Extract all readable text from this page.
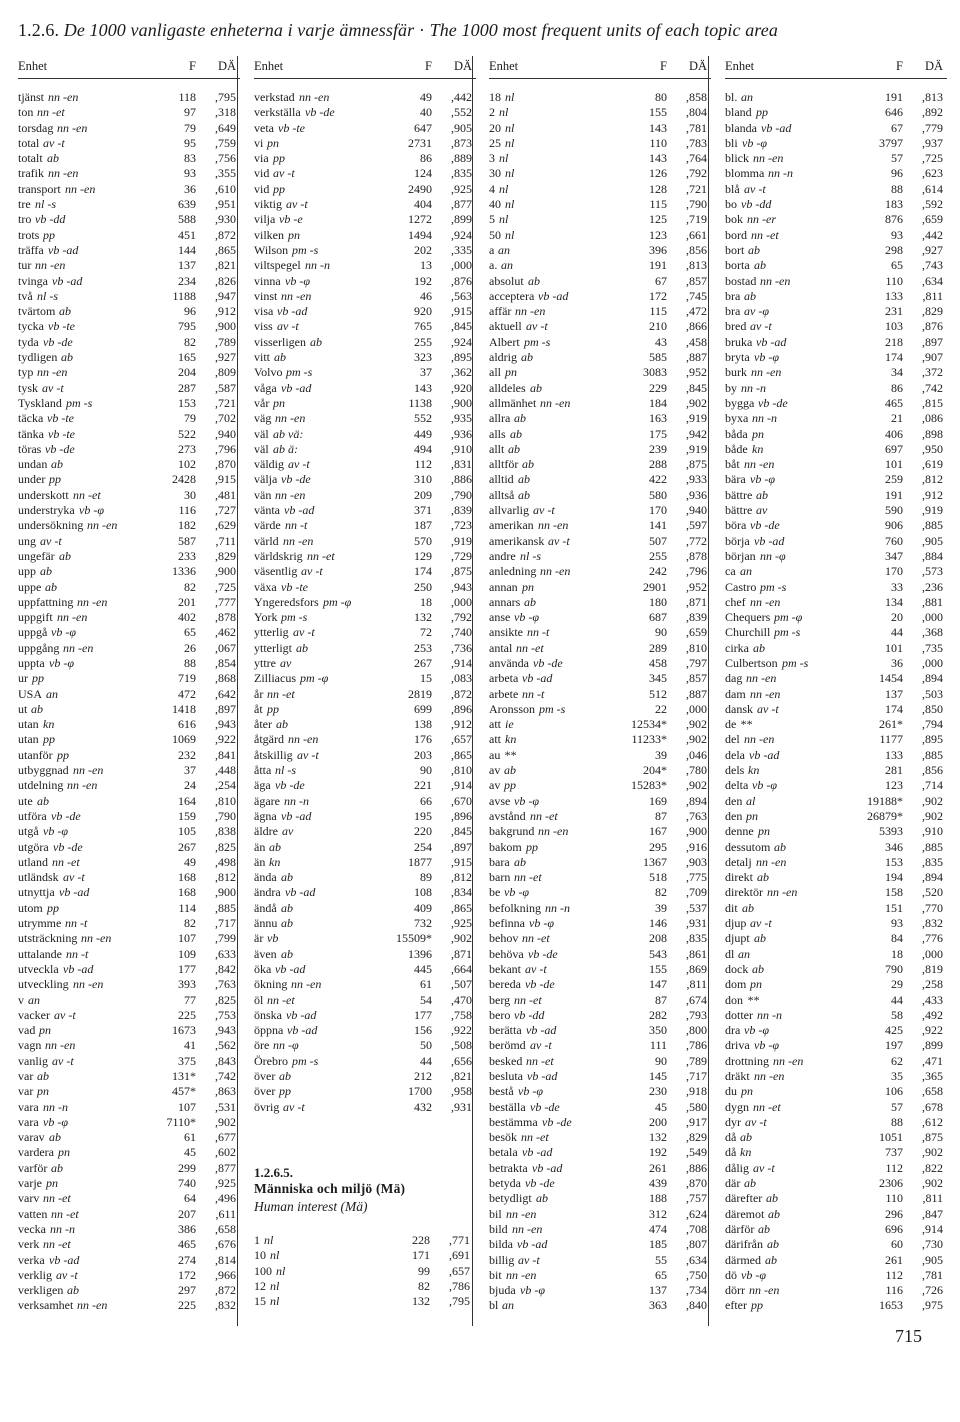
1.2.6. De 1000 vanligaste enheterna i varje ämnessfär · The 1000 most frequent units of each topic area
Enhet	F DÄ
tjänst nn -en	118 ,795
ton nn -et	97 ,318
torsdag nn -en	79 ,649
total av -t	95 ,759
totalt ab	83 ,756
trafik nn -en	93 ,355
transport nn -en	36 ,610
tre nl -s	639 ,951
tro vb -dd	588 ,930
trots pp	451 ,872
träffa vb -ad	144 ,865
tur nn -en	137 ,821
tvinga vb -ad	234 ,826
två nl -s	1188 ,947
tvärtom ab	96 ,912
tycka vb -te	795 ,900
tyda vb -de	82 ,789
tydligen ab	165 ,927
typ nn -en	204 ,809
tysk av -t	287 ,587
Tyskland pm -s	153 ,721
täcka vb -te	79 ,702
tänka vb -te	522 ,940
töras vb -de	273 ,796
undan ab	102 ,870
under pp	2428 ,915
underskott nn -et	30 ,481
understryka vb -φ	116 ,727
undersökning nn -en	182 ,629
ung av -t	587 ,711
ungefär ab	233 ,829
upp ab	1336 ,900
uppe ab	82 ,725
uppfattning nn -en	201 ,777
uppgift nn -en	402 ,878
uppgå vb -φ	65 ,462
uppgång nn -en	26 ,067
uppta vb -φ	88 ,854
ur pp	719 ,868
USA an	472 ,642
ut ab	1418 ,897
utan kn	616 ,943
utan pp	1069 ,922
utanför pp	232 ,841
utbyggnad nn -en	37 ,448
utdelning nn -en	24 ,254
ute ab	164 ,810
utföra vb -de	159 ,790
utgå vb -φ	105 ,838
utgöra vb -de	267 ,825
utland nn -et	49 ,498
utländsk av -t	168 ,812
utnyttja vb -ad	168 ,900
utom pp	114 ,885
utrymme nn -t	82 ,717
utsträckning nn -en	107 ,799
uttalande nn -t	109 ,633
utveckla vb -ad	177 ,842
utveckling nn -en	393 ,763
v an	77 ,825
vacker av -t	225 ,753
vad pn	1673 ,943
vagn nn -en	41 ,562
vanlig av -t	375 ,843
var ab	131* ,742
var pn	457* ,863
vara nn -n	107 ,531
vara vb -φ	7110* ,902
varav ab	61 ,677
vardera pn	45 ,602
varför ab	299 ,877
varje pn	740 ,925
varv nn -et	64 ,496
vatten nn -et	207 ,611
vecka nn -n	386 ,658
verk nn -et	465 ,676
verka vb -ad	274 ,814
verklig av -t	172 ,966
verkligen ab	297 ,872
verksamhet nn -en	225 ,832
Enhet	F DÄ
verkstad nn -en	49 ,442
verkställa vb -de	40 ,552
veta vb -te	647 ,905
vi pn	2731 ,873
via pp	86 ,889
vid av -t	124 ,835
vid pp	2490 ,925
viktig av -t	404 ,877
vilja vb -e	1272 ,899
vilken pn	1494 ,924
Wilson pm -s	202 ,335
viltspegel nn -n	13 ,000
vinna vb -φ	192 ,876
vinst nn -en	46 ,563
visa vb -ad	920 ,915
viss av -t	765 ,845
visserligen ab	255 ,924
vitt ab	323 ,895
Volvo pm -s	37 ,362
våga vb -ad	143 ,920
vår pn	1138 ,900
väg nn -en	552 ,935
väl ab vä:	449 ,936
väl ab ä:	494 ,910
väldig av -t	112 ,831
välja vb -de	310 ,886
vän nn -en	209 ,790
vänta vb -ad	371 ,839
värde nn -t	187 ,723
värld nn -en	570 ,919
världskrig nn -et	129 ,729
väsentlig av -t	174 ,875
växa vb -te	250 ,943
Yngeredsfors pm -φ	18 ,000
York pm -s	132 ,792
ytterlig av -t	72 ,740
ytterligt ab	253 ,736
yttre av	267 ,914
Zilliacus pm -φ	15 ,083
år nn -et	2819 ,872
åt pp	699 ,896
åter ab	138 ,912
åtgärd nn -en	176 ,657
åtskillig av -t	203 ,865
åtta nl -s	90 ,810
äga vb -de	221 ,914
ägare nn -n	66 ,670
ägna vb -ad	195 ,896
äldre av	220 ,845
än ab	254 ,897
än kn	1877 ,915
ända ab	89 ,812
ändra vb -ad	108 ,834
ändå ab	409 ,865
ännu ab	732 ,925
är vb	15509* ,902
även ab	1396 ,871
öka vb -ad	445 ,664
ökning nn -en	61 ,507
öl nn -et	54 ,470
önska vb -ad	177 ,758
öppna vb -ad	156 ,922
öre nn -φ	50 ,508
Örebro pm -s	44 ,656
över ab	212 ,821
över pp	1700 ,958
övrig av -t	432 ,931
Enhet	F DÄ
18 nl	80 ,858
2 nl	155 ,804
20 nl	143 ,781
25 nl	110 ,783
3 nl	143 ,764
30 nl	126 ,792
4 nl	128 ,721
40 nl	115 ,790
5 nl	125 ,719
50 nl	123 ,661
a an	396 ,856
a. an	191 ,813
absolut ab	67 ,857
acceptera vb -ad	172 ,745
affär nn -en	115 ,472
aktuell av -t	210 ,866
Albert pm -s	43 ,458
aldrig ab	585 ,887
all pn	3083 ,952
alldeles ab	229 ,845
allmänhet nn -en	184 ,902
allra ab	163 ,919
alls ab	175 ,942
allt ab	239 ,919
alltför ab	288 ,875
alltid ab	422 ,933
alltså ab	580 ,936
allvarlig av -t	170 ,940
amerikan nn -en	141 ,597
amerikansk av -t	507 ,772
andre nl -s	255 ,878
anledning nn -en	242 ,796
annan pn	2901 ,952
annars ab	180 ,871
anse vb -φ	687 ,839
ansikte nn -t	90 ,659
antal nn -et	289 ,810
använda vb -de	458 ,797
arbeta vb -ad	345 ,857
arbete nn -t	512 ,887
Aronsson pm -s	22 ,000
att ie	12534* ,902
att kn	11233* ,902
au **	39 ,046
av ab	204* ,780
av pp	15283* ,902
avse vb -φ	169 ,894
avstånd nn -et	87 ,763
bakgrund nn -en	167 ,900
bakom pp	295 ,916
bara ab	1367 ,903
barn nn -et	518 ,775
be vb -φ	82 ,709
befolkning nn -n	39 ,537
befinna vb -φ	146 ,931
behov nn -et	208 ,835
behöva vb -de	543 ,861
bekant av -t	155 ,869
bereda vb -de	147 ,811
berg nn -et	87 ,674
bero vb -dd	282 ,793
berätta vb -ad	350 ,800
berömd av -t	111 ,786
besked nn -et	90 ,789
besluta vb -ad	145 ,717
bestå vb -φ	230 ,918
beställa vb -de	45 ,580
bestämma vb -de	200 ,917
besök nn -et	132 ,829
betala vb -ad	192 ,549
betrakta vb -ad	261 ,886
betyda vb -de	439 ,870
betydligt ab	188 ,757
bil nn -en	312 ,624
bild nn -en	474 ,708
bilda vb -ad	185 ,807
billig av -t	55 ,634
bit nn -en	65 ,750
bjuda vb -φ	137 ,734
bl an	363 ,840
Enhet	F DÄ
bl. an	191 ,813
bland pp	646 ,892
blanda vb -ad	67 ,779
bli vb -φ	3797 ,937
blick nn -en	57 ,725
blomma nn -n	96 ,623
blå av -t	88 ,614
bo vb -dd	183 ,592
bok nn -er	876 ,659
bord nn -et	93 ,442
bort ab	298 ,927
borta ab	65 ,743
bostad nn -en	110 ,634
bra ab	133 ,811
bra av -φ	231 ,829
bred av -t	103 ,876
bruka vb -ad	218 ,897
bryta vb -φ	174 ,907
burk nn -en	34 ,372
by nn -n	86 ,742
bygga vb -de	465 ,815
byxa nn -n	21 ,086
båda pn	406 ,898
både kn	697 ,950
båt nn -en	101 ,619
bära vb -φ	259 ,812
bättre ab	191 ,912
bättre av	590 ,919
böra vb -de	906 ,885
börja vb -ad	760 ,905
början nn -φ	347 ,884
ca an	170 ,573
Castro pm -s	33 ,236
chef nn -en	134 ,881
Chequers pm -φ	20 ,000
Churchill pm -s	44 ,368
cirka ab	101 ,735
Culbertson pm -s	36 ,000
dag nn -en	1454 ,894
dam nn -en	137 ,503
dansk av -t	174 ,850
de **	261* ,794
del nn -en	1177 ,895
dela vb -ad	133 ,885
dels kn	281 ,856
delta vb -φ	123 ,714
den al	19188* ,902
den pn	26879* ,902
denne pn	5393 ,910
dessutom ab	346 ,885
detalj nn -en	153 ,835
direkt ab	194 ,894
direktör nn -en	158 ,520
dit ab	151 ,770
djup av -t	93 ,832
djupt ab	84 ,776
dl an	18 ,000
dock ab	790 ,819
dom pn	29 ,258
don **	44 ,433
dotter nn -n	58 ,492
dra vb -φ	425 ,922
driva vb -φ	197 ,899
drottning nn -en	62 ,471
dräkt nn -en	35 ,365
du pn	106 ,658
dygn nn -et	57 ,678
dyr av -t	88 ,612
då ab	1051 ,875
då kn	737 ,902
dålig av -t	112 ,822
där ab	2306 ,902
därefter ab	110 ,811
däremot ab	296 ,847
därför ab	696 ,914
därifrån ab	60 ,730
därmed ab	261 ,905
dö vb -φ	112 ,781
dörr nn -en	116 ,726
efter pp	1653 ,975
1.2.6.5.
Människa och miljö (Mä)
Human interest (Mä)
1 nl	228 ,771
10 nl	171 ,691
100 nl	99 ,657
12 nl	82 ,786
15 nl	132 ,795
715
